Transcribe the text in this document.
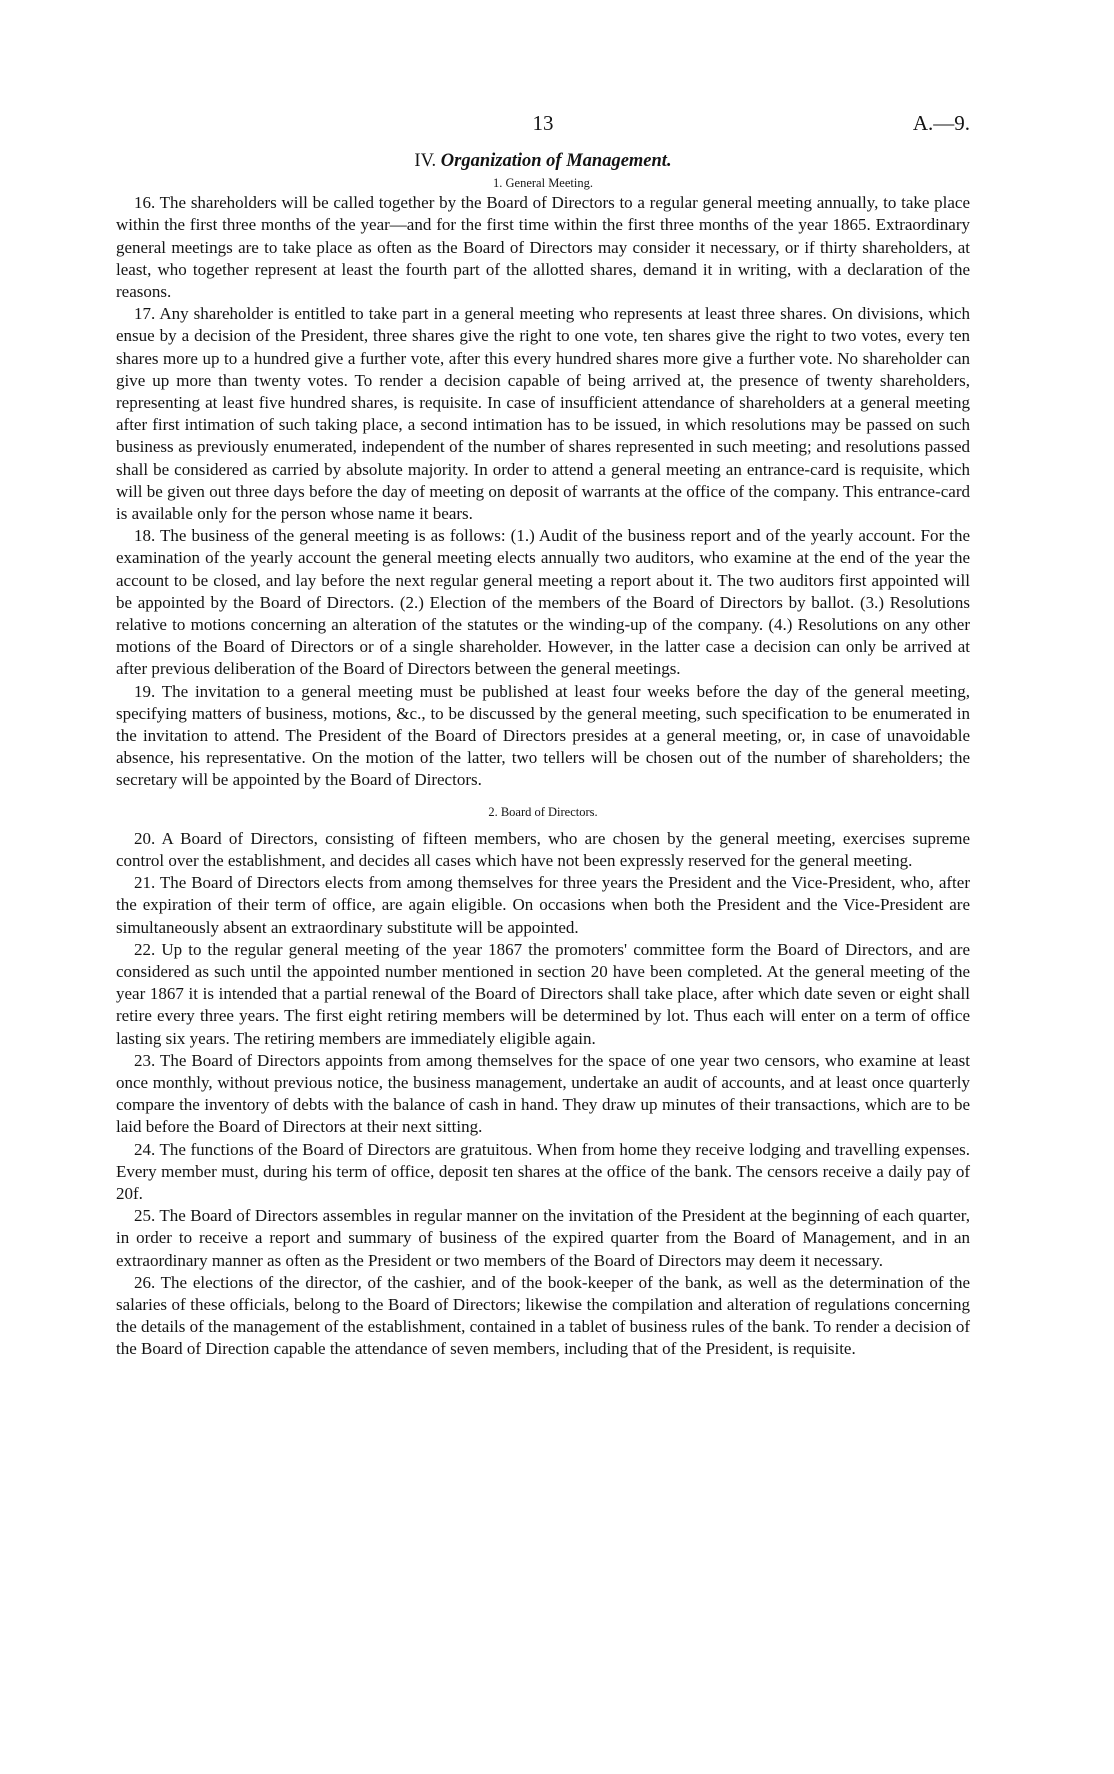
13	A.—9.
IV. Organization of Management.
1. General Meeting.

16. The shareholders will be called together by the Board of Directors to a regular general meeting annually, to take place within the first three months of the year—and for the first time within the first three months of the year 1865. Extraordinary general meetings are to take place as often as the Board of Directors may consider it necessary, or if thirty shareholders, at least, who together represent at least the fourth part of the allotted shares, demand it in writing, with a declaration of the reasons.

17. Any shareholder is entitled to take part in a general meeting who represents at least three shares. On divisions, which ensue by a decision of the President, three shares give the right to one vote, ten shares give the right to two votes, every ten shares more up to a hundred give a further vote, after this every hundred shares more give a further vote. No shareholder can give up more than twenty votes. To render a decision capable of being arrived at, the presence of twenty shareholders, representing at least five hundred shares, is requisite. In case of insufficient attendance of shareholders at a general meeting after first intimation of such taking place, a second intimation has to be issued, in which resolutions may be passed on such business as previously enumerated, independent of the number of shares represented in such meeting; and resolutions passed shall be considered as carried by absolute majority. In order to attend a general meeting an entrance-card is requisite, which will be given out three days before the day of meeting on deposit of warrants at the office of the company. This entrance-card is available only for the person whose name it bears.

18. The business of the general meeting is as follows: (1.) Audit of the business report and of the yearly account. For the examination of the yearly account the general meeting elects annually two auditors, who examine at the end of the year the account to be closed, and lay before the next regular general meeting a report about it. The two auditors first appointed will be appointed by the Board of Directors. (2.) Election of the members of the Board of Directors by ballot. (3.) Resolutions relative to motions concerning an alteration of the statutes or the winding-up of the company. (4.) Resolutions on any other motions of the Board of Directors or of a single shareholder. However, in the latter case a decision can only be arrived at after previous deliberation of the Board of Directors between the general meetings.

19. The invitation to a general meeting must be published at least four weeks before the day of the general meeting, specifying matters of business, motions, &c., to be discussed by the general meeting, such specification to be enumerated in the invitation to attend. The President of the Board of Directors presides at a general meeting, or, in case of unavoidable absence, his representative. On the motion of the latter, two tellers will be chosen out of the number of shareholders; the secretary will be appointed by the Board of Directors.

2. Board of Directors.

20. A Board of Directors, consisting of fifteen members, who are chosen by the general meeting, exercises supreme control over the establishment, and decides all cases which have not been expressly reserved for the general meeting.

21. The Board of Directors elects from among themselves for three years the President and the Vice-President, who, after the expiration of their term of office, are again eligible. On occasions when both the President and the Vice-President are simultaneously absent an extraordinary substitute will be appointed.

22. Up to the regular general meeting of the year 1867 the promoters' committee form the Board of Directors, and are considered as such until the appointed number mentioned in section 20 have been completed. At the general meeting of the year 1867 it is intended that a partial renewal of the Board of Directors shall take place, after which date seven or eight shall retire every three years. The first eight retiring members will be determined by lot. Thus each will enter on a term of office lasting six years. The retiring members are immediately eligible again.

23. The Board of Directors appoints from among themselves for the space of one year two censors, who examine at least once monthly, without previous notice, the business management, undertake an audit of accounts, and at least once quarterly compare the inventory of debts with the balance of cash in hand. They draw up minutes of their transactions, which are to be laid before the Board of Directors at their next sitting.

24. The functions of the Board of Directors are gratuitous. When from home they receive lodging and travelling expenses. Every member must, during his term of office, deposit ten shares at the office of the bank. The censors receive a daily pay of 20f.

25. The Board of Directors assembles in regular manner on the invitation of the President at the beginning of each quarter, in order to receive a report and summary of business of the expired quarter from the Board of Management, and in an extraordinary manner as often as the President or two members of the Board of Directors may deem it necessary.

26. The elections of the director, of the cashier, and of the book-keeper of the bank, as well as the determination of the salaries of these officials, belong to the Board of Directors; likewise the compilation and alteration of regulations concerning the details of the management of the establishment, contained in a tablet of business rules of the bank. To render a decision of the Board of Direction capable the attendance of seven members, including that of the President, is requisite.
